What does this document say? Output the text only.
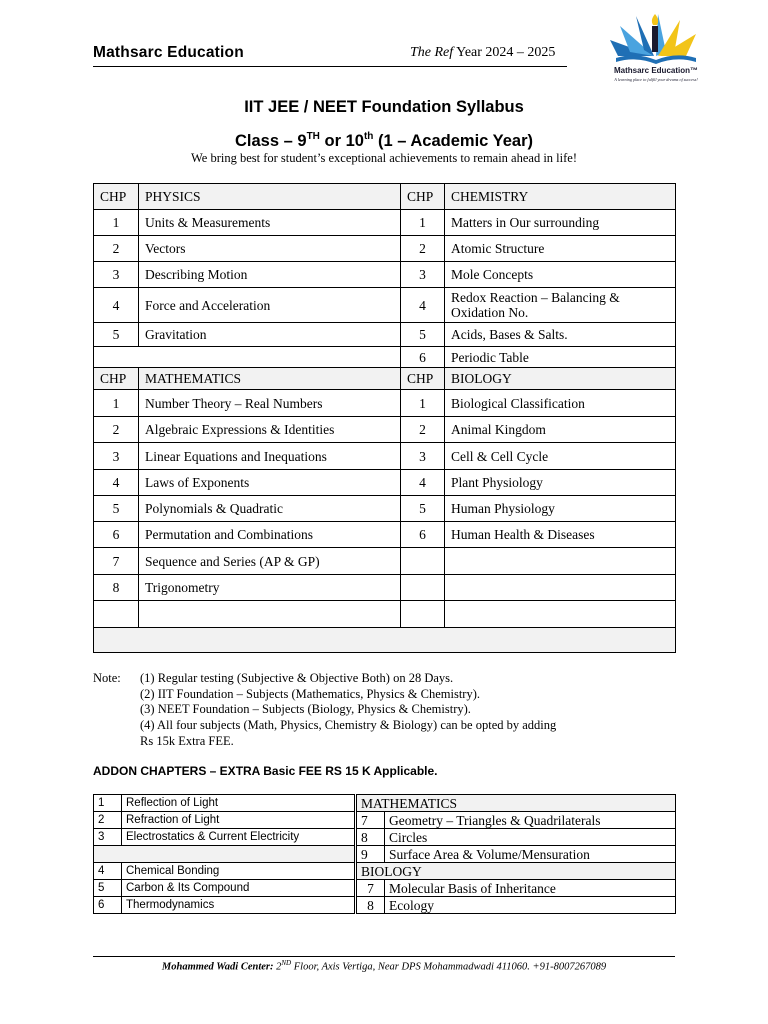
Mathsarc Education	The Ref Year 2024 – 2025
Mathsarc Education™
A learning place to fulfill your dreams of success!
IIT JEE / NEET Foundation Syllabus
Class – 9TH or 10th (1 – Academic Year)
We bring best for student’s exceptional achievements to remain ahead in life!
CHP	PHYSICS	CHP	CHEMISTRY
1	Units & Measurements	1	Matters in Our surrounding
2	Vectors	2	Atomic Structure
3	Describing Motion	3	Mole Concepts
4	Force and Acceleration	4	Redox Reaction – Balancing & Oxidation No.
5	Gravitation	5	Acids, Bases & Salts.
		6	Periodic Table
CHP	MATHEMATICS	CHP	BIOLOGY
1	Number Theory – Real Numbers	1	Biological Classification
2	Algebraic Expressions & Identities	2	Animal Kingdom
3	Linear Equations and Inequations	3	Cell & Cell Cycle
4	Laws of Exponents	4	Plant Physiology
5	Polynomials & Quadratic	5	Human Physiology
6	Permutation and Combinations	6	Human Health & Diseases
7	Sequence and Series (AP & GP)		
8	Trigonometry		

Note: (1) Regular testing (Subjective & Objective Both) on 28 Days.
(2) IIT Foundation – Subjects (Mathematics, Physics & Chemistry).
(3) NEET Foundation – Subjects (Biology, Physics & Chemistry).
(4) All four subjects (Math, Physics, Chemistry & Biology) can be opted by adding
Rs 15k Extra FEE.
ADDON CHAPTERS – EXTRA Basic FEE RS 15 K Applicable.
1	Reflection of Light	MATHEMATICS	
2	Refraction of Light	7	Geometry – Triangles & Quadrilaterals
3	Electrostatics & Current Electricity	8	Circles
		9	Surface Area & Volume/Mensuration
4	Chemical Bonding	BIOLOGY	
5	Carbon & Its Compound	7	Molecular Basis of Inheritance
6	Thermodynamics	8	Ecology
Mohammed Wadi Center: 2ND Floor, Axis Vertiga, Near DPS Mohammadwadi 411060. +91-8007267089
